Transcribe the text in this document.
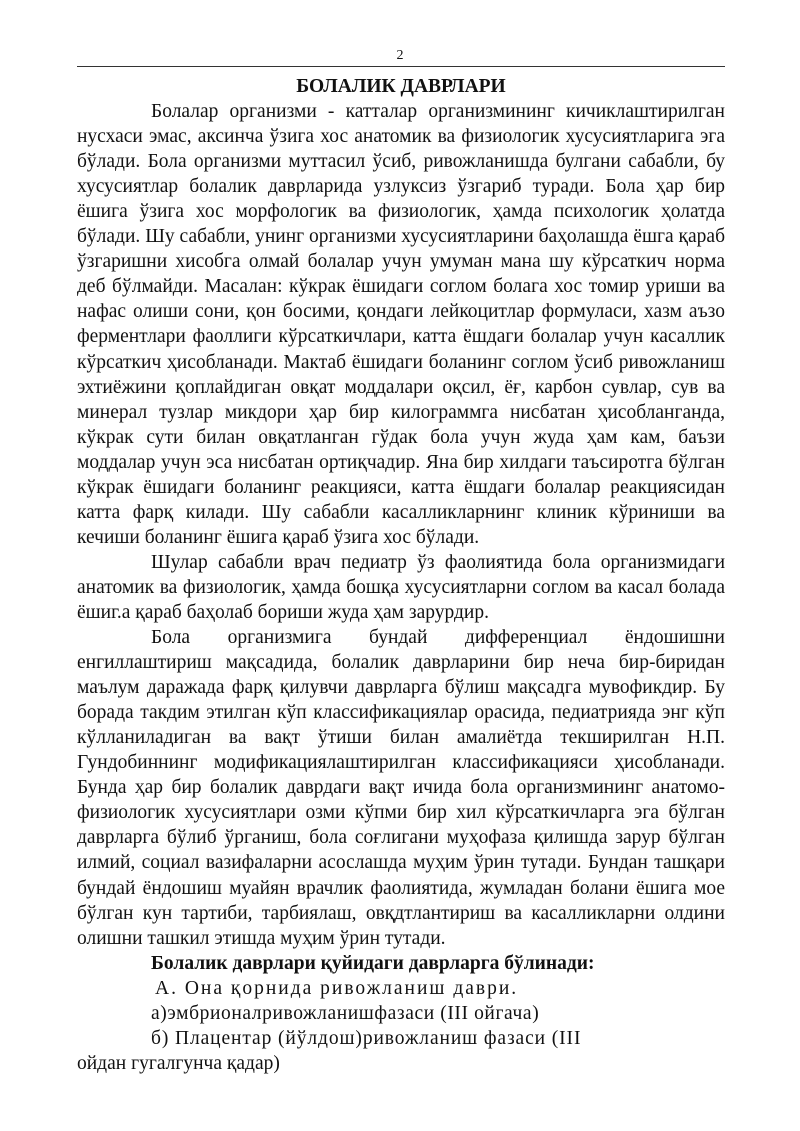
2

БОЛАЛИК ДАВРЛАРИ

Болалар организми - катталар организмининг кичиклаштирилган нусхаси эмас, аксинча ўзига хос анатомик ва физиологик хусусиятларига эга бўлади. Бола организми муттасил ўсиб, ривожланишда булгани сабабли, бу хусусиятлар болалик даврларида узлуксиз ўзгариб туради. Бола ҳар бир ёшига ўзига хос морфологик ва физиологик, ҳамда психологик ҳолатда бўлади. Шу сабабли, унинг организми хусусиятларини баҳолашда ёшга қараб ўзгаришни хисобга олмай болалар учун умуман мана шу кўрсаткич норма деб бўлмайди. Масалан: кўкрак ёшидаги соглом болага хос томир уриши ва нафас олиши сони, қон босими, қондаги лейкоцитлар формуласи, хазм аъзо ферментлари фаоллиги кўрсаткичлари, катта ёшдаги болалар учун касаллик кўрсаткич ҳисобланади. Мактаб ёшидаги боланинг соглом ўсиб ривожланиш эхтиёжини қоплайдиган овқат моддалари оқсил, ёғ, карбон сувлар, сув ва минерал тузлар микдори ҳар бир килограммга нисбатан ҳисобланганда, кўкрак сути билан овқатланган гўдак бола учун жуда ҳам кам, баъзи моддалар учун эса нисбатан ортиқчадир. Яна бир хилдаги таъсиротга бўлган кўкрак ёшидаги боланинг реакцияси, катта ёшдаги болалар реакциясидан катта фарқ килади. Шу сабабли касалликларнинг клиник кўриниши ва кечиши боланинг ёшига қараб ўзига хос бўлади.

Шулар сабабли врач педиатр ўз фаолиятида бола организмидаги анатомик ва физиологик, ҳамда бошқа хусусиятларни соглом ва касал болада ёшиг.а қараб баҳолаб бориши жуда ҳам зарурдир.

Бола организмига бундай дифференциал ёндошишни енгиллаштириш мақсадида, болалик даврларини бир неча бир-биридан маълум даражада фарқ қилувчи даврларга бўлиш мақсадга мувофикдир. Бу борада такдим этилган кўп классификациялар орасида, педиатрияда энг кўп кўлланиладиган ва вақт ўтиши билан амалиётда текширилган Н.П. Гундобиннинг модификациялаштирилган классификацияси ҳисобланади. Бунда ҳар бир болалик даврдаги вақт ичида бола организмининг анатомо-физиологик хусусиятлари озми кўпми бир хил кўрсаткичларга эга бўлган даврларга бўлиб ўрганиш, бола соғлигани муҳофаза қилишда зарур бўлган илмий, социал вазифаларни асослашда муҳим ўрин тутади. Бундан ташқари бундай ёндошиш муайян врачлик фаолиятида, жумладан болани ёшига мое бўлган кун тартиби, тарбиялаш, овқдтлантириш ва касалликларни олдини олишни ташкил этишда муҳим ўрин тутади.

Болалик даврлари қуйидаги даврларга бўлинади:

А. Она қорнида ривожланиш даври.

а)эмбрионалривожланишфазаси (III ойгача)

б) Плацентар (йўлдош)ривожланиш фазаси (III

ойдан гугалгунча қадар)
